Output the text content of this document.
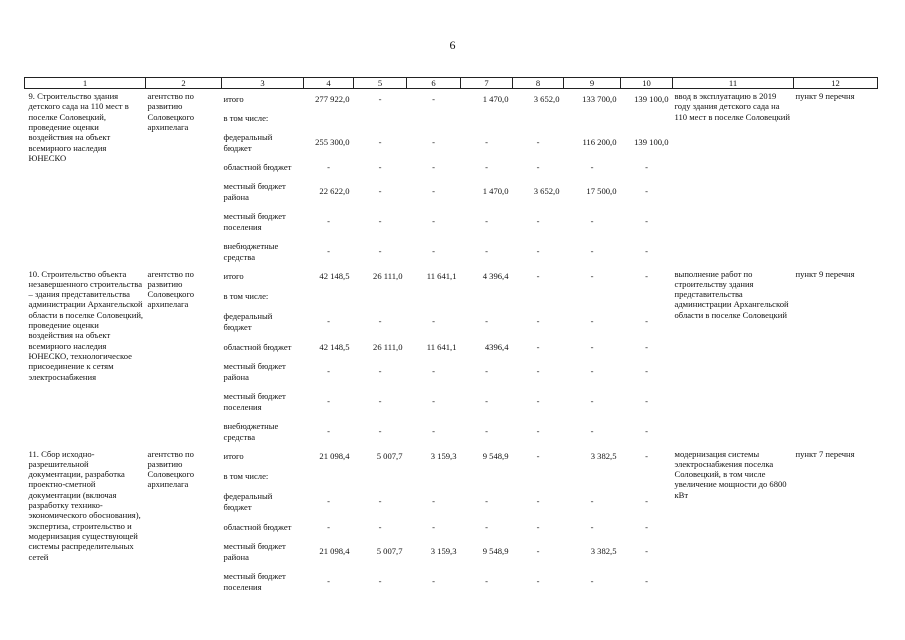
6
1	2	3	4	5	6	7	8	9	10	11	12
9. Строительство здания детского сада на 110 мест в поселке Соловецкий, проведение оценки воздействия на объект всемирного наследия ЮНЕСКО	агентство по развитию Соловецкого архипелага	итого	277 922,0	-	-	1 470,0	3 652,0	133 700,0	139 100,0	ввод в эксплуатацию в 2019 году здания детского сада на 110 мест в поселке Соловецкий	пункт 9 перечня
		в том числе:									
		федеральный бюджет	255 300,0	-	-	-	-	116 200,0	139 100,0		
		областной бюджет	-	-	-	-	-	-	-		
		местный бюджет района	22 622,0	-	-	1 470,0	3 652,0	17 500,0	-		
		местный бюджет поселения	-	-	-	-	-	-	-		
		внебюджетные средства	-	-	-	-	-	-	-		
10. Строительство объекта незавершенного строительства – здания представительства администрации Архангельской области в поселке Соловецкий, проведение оценки воздействия на объект всемирного наследия ЮНЕСКО, технологическое присоединение к сетям электроснабжения	агентство по развитию Соловецкого архипелага	итого	42 148,5	26 111,0	11 641,1	4 396,4	-	-	-	выполнение работ по строительству здания представительства администрации Архангельской области в поселке Соловецкий	пункт 9 перечня
		в том числе:									
		федеральный бюджет	-	-	-	-	-	-	-		
		областной бюджет	42 148,5	26 111,0	11 641,1	4396,4	-	-	-		
		местный бюджет района	-	-	-	-	-	-	-		
		местный бюджет поселения	-	-	-	-	-	-	-		
		внебюджетные средства	-	-	-	-	-	-	-		
11. Сбор исходно-разрешительной документации, разработка проектно-сметной документации (включая разработку технико-экономического обоснования), экспертиза, строительство и модернизация существующей системы распределительных сетей	агентство по развитию Соловецкого архипелага	итого	21 098,4	5 007,7	3 159,3	9 548,9	-	3 382,5	-	модернизация системы электроснабжения поселка Соловецкий, в том числе увеличение мощности до 6800 кВт	пункт 7 перечня
		в том числе:									
		федеральный бюджет	-	-	-	-	-	-	-		
		областной бюджет	-	-	-	-	-	-	-		
		местный бюджет района	21 098,4	5 007,7	3 159,3	9 548,9	-	3 382,5	-		
		местный бюджет поселения	-	-	-	-	-	-	-		
